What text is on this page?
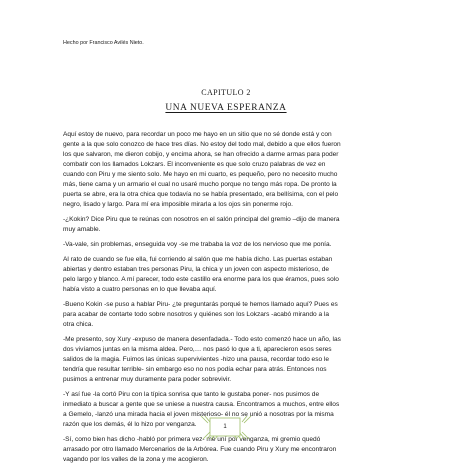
Hecho por Francisco Avilés Nieto.
CAPITULO 2
UNA NUEVA ESPERANZA

Aquí estoy de nuevo, para recordar un poco me hayo en un sitio que no sé donde está y con
gente a la que solo conozco de hace tres días. No estoy del todo mal, debido a que ellos fueron
los que salvaron, me dieron cobijo, y encima ahora, se han ofrecido a darme armas para poder
combatir con los llamados Lokzars. El inconveniente es que solo cruzo palabras de vez en
cuando con Piru y me siento solo. Me hayo en mi cuarto, es pequeño, pero no necesito mucho
más, tiene cama y un armario el cual no usaré mucho porque no tengo más ropa. De pronto la
puerta se abre, era la otra chica que todavía no se había presentado, era bellísima, con el pelo
negro, lisado y largo. Para mí era imposible mirarla a los ojos sin ponerme rojo.

-¿Kokin? Dice Piru que te reúnas con nosotros en el salón principal del gremio –dijo de manera
muy amable.

-Va-vale, sin problemas, enseguida voy -se me trababa la voz de los nervioso que me ponía.

Al rato de cuando se fue ella, fui corriendo al salón que me había dicho. Las puertas estaban
abiertas y dentro estaban tres personas Piru, la chica y un joven con aspecto misterioso, de
pelo largo y blanco. A mí parecer, todo este castillo era enorme para los que éramos, pues solo
había visto a cuatro personas en lo que llevaba aquí.

-Bueno Kokin -se puso a hablar Piru- ¿te preguntarás porqué te hemos llamado aquí? Pues es
para acabar de contarte todo sobre nosotros y quiénes son los Lokzars -acabó mirando a la
otra chica.

-Me presento, soy Xury -expuso de manera desenfadada.- Todo esto comenzó hace un año, las
dos vivíamos juntas en la misma aldea. Pero,… nos pasó lo que a ti, aparecieron esos seres
salidos de la magia. Fuimos las únicas supervivientes -hizo una pausa, recordar todo eso le
tendría que resultar terrible- sin embargo eso no nos podía echar para atrás. Entonces nos
pusimos a entrenar muy duramente para poder sobrevivir.

-Y así fue -la cortó Piru con la típica sonrisa que tanto le gustaba poner- nos pusimos de
inmediato a buscar a gente que se uniese a nuestra causa. Encontramos a muchos, entre ellos
a Gemelo, -lanzó una mirada hacia el joven misterioso- él no se unió a nosotras por la misma
razón que los demás, él lo hizo por venganza.

-Sí, como bien has dicho -habló por primera vez- me uní por venganza, mi gremio quedó
arrasado por otro llamado Mercenarios de la Arbórea. Fue cuando Piru y Xury me encontraron
vagando por los valles de la zona y me acogieron.

1
